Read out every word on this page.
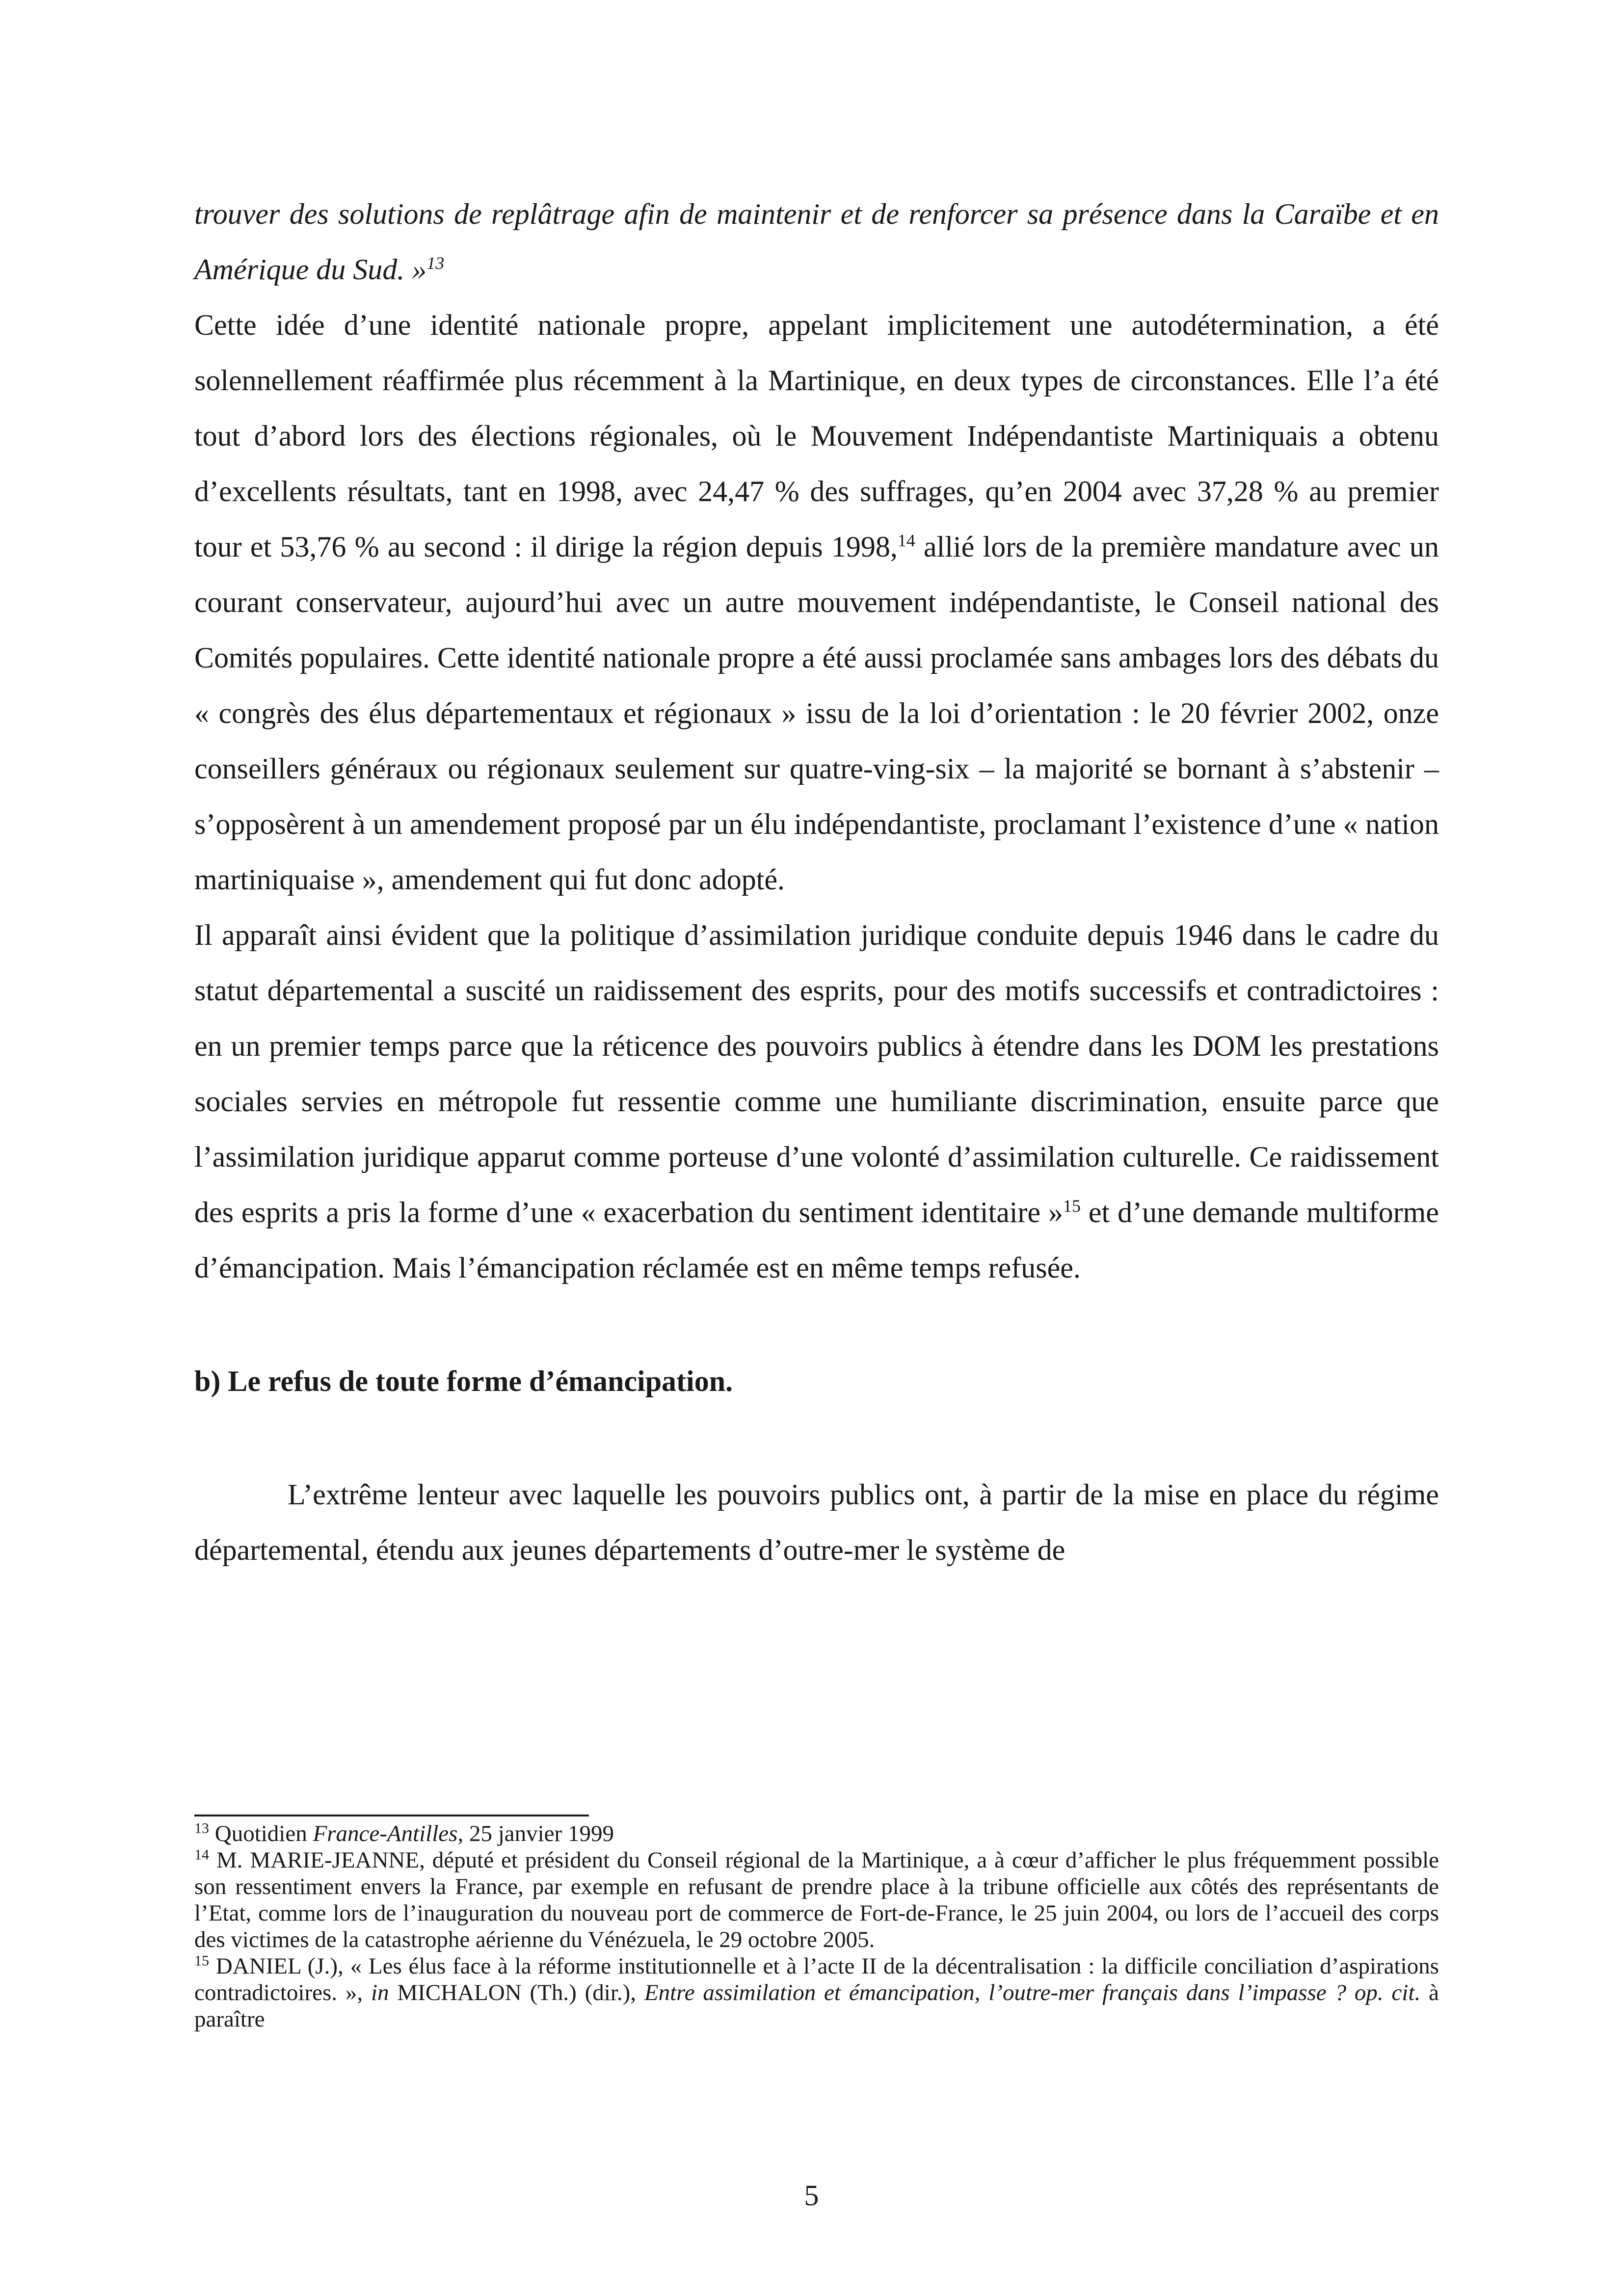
trouver des solutions de replâtrage afin de maintenir et de renforcer sa présence dans la Caraïbe et en Amérique du Sud. »$^{13}$

Cette idée d’une identité nationale propre, appelant implicitement une autodétermination, a été solennellement réaffirmée plus récemment à la Martinique, en deux types de circonstances. Elle l’a été tout d’abord lors des élections régionales, où le Mouvement Indépendantiste Martiniquais a obtenu d’excellents résultats, tant en 1998, avec 24,47 % des suffrages, qu’en 2004 avec 37,28 % au premier tour et 53,76 % au second : il dirige la région depuis 1998,14 allié lors de la première mandature avec un courant conservateur, aujourd’hui avec un autre mouvement indépendantiste, le Conseil national des Comités populaires. Cette identité nationale propre a été aussi proclamée sans ambages lors des débats du « congrès des élus départementaux et régionaux » issu de la loi d’orientation : le 20 février 2002, onze conseillers généraux ou régionaux seulement sur quatre-ving-six – la majorité se bornant à s’abstenir – s’opposèrent à un amendement proposé par un élu indépendantiste, proclamant l’existence d’une « nation martiniquaise », amendement qui fut donc adopté.

Il apparaît ainsi évident que la politique d’assimilation juridique conduite depuis 1946 dans le cadre du statut départemental a suscité un raidissement des esprits, pour des motifs successifs et contradictoires : en un premier temps parce que la réticence des pouvoirs publics à étendre dans les DOM les prestations sociales servies en métropole fut ressentie comme une humiliante discrimination, ensuite parce que l’assimilation juridique apparut comme porteuse d’une volonté d’assimilation culturelle. Ce raidissement des esprits a pris la forme d’une « exacerbation du sentiment identitaire »$^{15}$ et d’une demande multiforme d’émancipation. Mais l’émancipation réclamée est en même temps refusée.

b) Le refus de toute forme d’émancipation.

L’extrême lenteur avec laquelle les pouvoirs publics ont, à partir de la mise en place du régime départemental, étendu aux jeunes départements d’outre-mer le système de

$^{13}$ Quotidien France-Antilles, 25 janvier 1999

$^{14}$ M. MARIE-JEANNE, député et président du Conseil régional de la Martinique, a à cœur d’afficher le plus fréquemment possible son ressentiment envers la France, par exemple en refusant de prendre place à la tribune officielle aux côtés des représentants de l’Etat, comme lors de l’inauguration du nouveau port de commerce de Fort-de-France, le 25 juin 2004, ou lors de l’accueil des corps des victimes de la catastrophe aérienne du Vénézuela, le 29 octobre 2005.

$^{15}$ DANIEL (J.), « Les élus face à la réforme institutionnelle et à l’acte II de la décentralisation : la difficile conciliation d’aspirations contradictoires. », in MICHALON (Th.) (dir.), Entre assimilation et émancipation, l’outre-mer français dans l’impasse ? op. cit. à paraître

5
